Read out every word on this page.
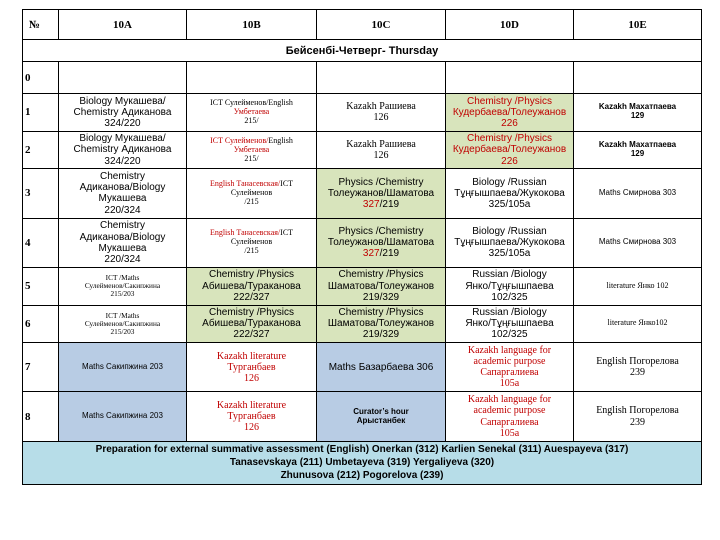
№	10A	10B	10C	10D	10E
Бейсенбі-Четверг- Thursday					
0					
1	Biology Мукашева/
Chemistry Адиканова
324/220	ICT Сулейменов/English
Умбетаева
215/	Kazakh Рашиева
126	Chemistry /Physics
Кудербаева/Толеужанов
226	Kazakh Махатпаева
129
2	Biology Мукашева/
Chemistry Адиканова
324/220	ICT Сулейменов/English
Умбетаева
215/	Kazakh Рашиева
126	Chemistry /Physics
Кудербаева/Толеужанов
226	Kazakh Махатпаева
129
3	Chemistry
Адиканова/Biology
Мукашева
220/324	English Танасевская/ICT
Сулейменов
/215	Physics /Chemistry
Толеужанов/Шаматова
327/219	Biology /Russian
Тұңғышпаева/Жукокова
325/105а	Maths Смирнова 303
4	Chemistry
Адиканова/Biology
Мукашева
220/324	English Танасевская/ICT
Сулейменов
/215	Physics /Chemistry
Толеужанов/Шаматова
327/219	Biology /Russian
Тұңғышпаева/Жукокова
325/105а	Maths Смирнова 303
5	ICT /Maths
Сулейменов/Сакипжина
215/203	Chemistry /Physics
Абишева/Тураканова
222/327	Chemistry /Physics
Шаматова/Толеужанов
219/329	Russian /Biology
Янко/Тұңғышпаева
102/325	literature Янко 102
6	ICT /Maths
Сулейменов/Сакипжина
215/203	Chemistry /Physics
Абишева/Тураканова
222/327	Chemistry /Physics
Шаматова/Толеужанов
219/329	Russian /Biology
Янко/Тұңғышпаева
102/325	literature Янко102
7	Maths Сакипжина 203	Kazakh literature
Турганбаев
126	Maths Базарбаева 306	Kazakh language for
academic purpose
Сапаргалиева
105а	English Погорелова
239
8	Maths Сакипжина 203	Kazakh literature
Турганбаев
126	Curator’s hour
Арыстанбек	Kazakh language for
academic purpose
Сапаргалиева
105а	English Погорелова
239
Preparation for external summative assessment (English) Onerkan (312) Karlien Senekal (311) Auespayeva (317)
Tanasevskaya (211) Umbetayeva (319) Yergaliyeva (320)
Zhunusova (212) Pogorelova (239)					
